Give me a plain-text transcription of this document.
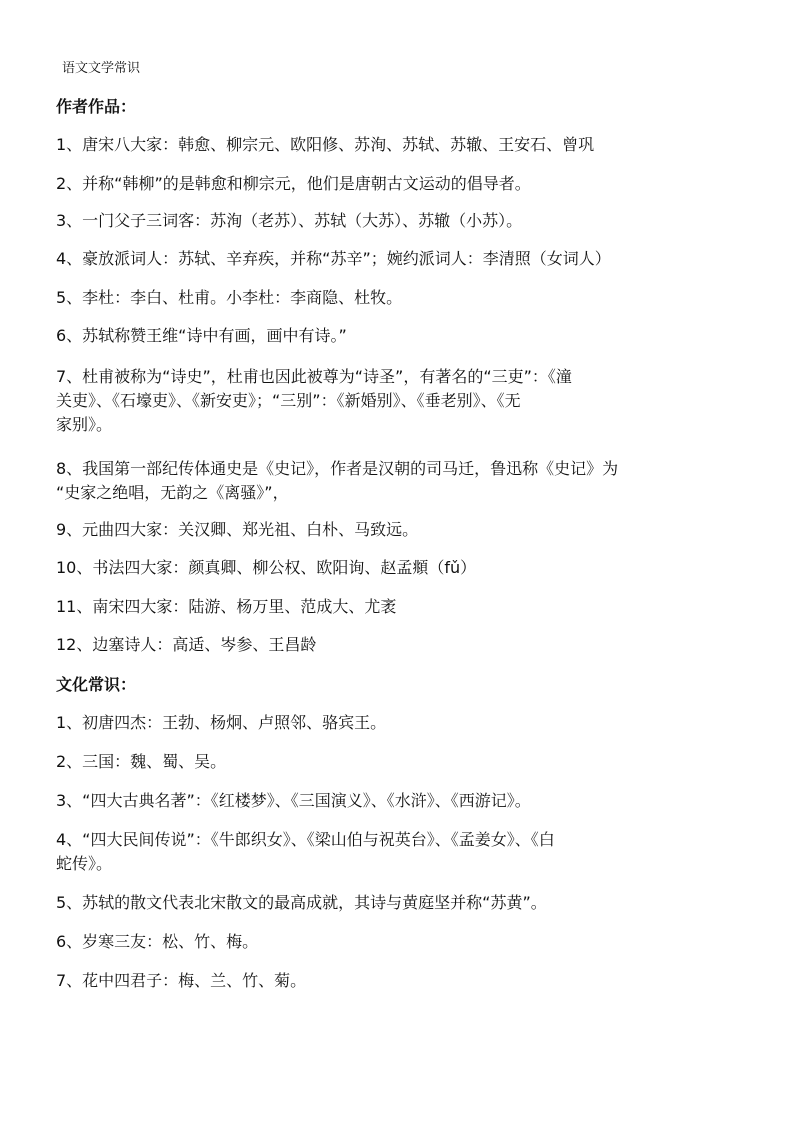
语文文学常识
作者作品：

1、唐宋八大家：韩愈、柳宗元、欧阳修、苏洵、苏轼、苏辙、王安石、曾巩

2、并称“韩柳”的是韩愈和柳宗元，他们是唐朝古文运动的倡导者。

3、一门父子三词客：苏洵（老苏）、苏轼（大苏）、苏辙（小苏）。

4、豪放派词人：苏轼、辛弃疾，并称“苏辛”；婉约派词人：李清照（女词人）

5、李杜：李白、杜甫。小李杜：李商隐、杜牧。

6、苏轼称赞王维“诗中有画，画中有诗。”

7、杜甫被称为“诗史”，杜甫也因此被尊为“诗圣”，有著名的“三吏”：《潼
关吏》、《石壕吏》、《新安吏》；“三别”：《新婚别》、《垂老别》、《无
家别》。

8、我国第一部纪传体通史是《史记》，作者是汉朝的司马迁，鲁迅称《史记》为
“史家之绝唱，无韵之《离骚》”，

9、元曲四大家：关汉卿、郑光祖、白朴、马致远。

10、书法四大家：颜真卿、柳公权、欧阳询、赵孟頫（fǔ）

11、南宋四大家：陆游、杨万里、范成大、尤袤

12、边塞诗人：高适、岑参、王昌龄

文化常识：

1、初唐四杰：王勃、杨炯、卢照邻、骆宾王。

2、三国：魏、蜀、吴。

3、“四大古典名著”：《红楼梦》、《三国演义》、《水浒》、《西游记》。

4、“四大民间传说”：《牛郎织女》、《梁山伯与祝英台》、《孟姜女》、《白
蛇传》。

5、苏轼的散文代表北宋散文的最高成就，其诗与黄庭坚并称“苏黄”。

6、岁寒三友：松、竹、梅。

7、花中四君子：梅、兰、竹、菊。
